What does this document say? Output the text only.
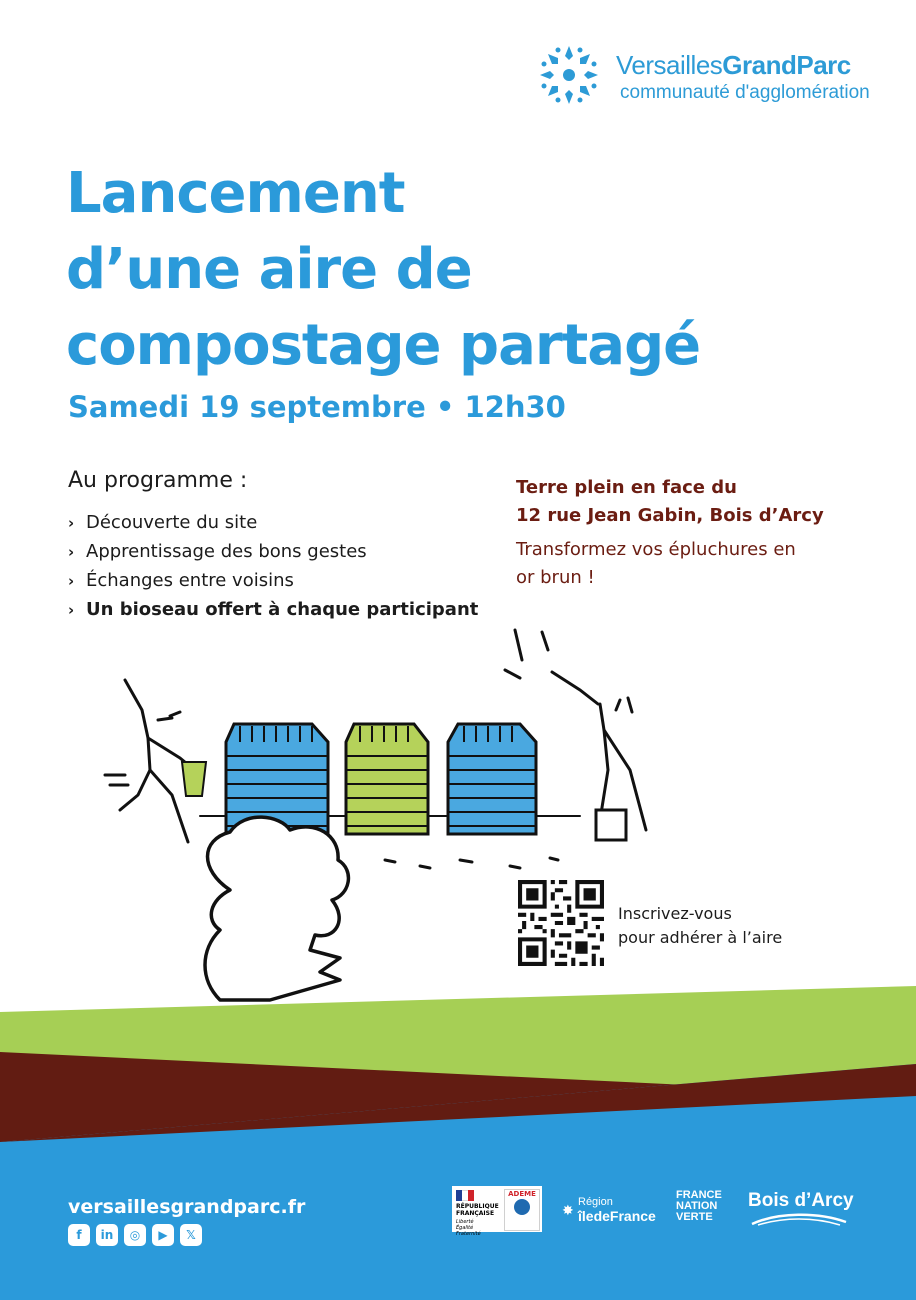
VersaillesGrandParc
communauté d'agglomération
Lancement
d’une aire de
compostage partagé
Samedi 19 septembre • 12h30
Au programme :
› Découverte du site
› Apprentissage des bons gestes
› Échanges entre voisins
› Un bioseau offert à chaque participant
Terre plein en face du
12 rue Jean Gabin, Bois d’Arcy
Transformez vos épluchures en
or brun !
Inscrivez-vous
pour adhérer à l’aire
versaillesgrandparc.fr
f in ◎ ▶ 𝕏
RÉPUBLIQUE
FRANÇAISE
Liberté
Égalité
Fraternité
ADEME
✸ Région
îledeFrance
FRANCE
NATION
VERTE
Bois d’Arcy
